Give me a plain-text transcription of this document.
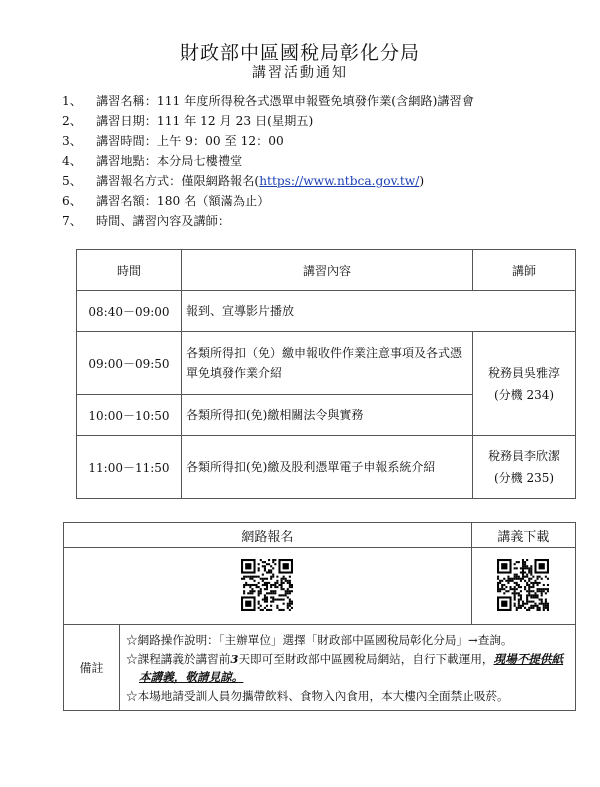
財政部中區國稅局彰化分局
講習活動通知
1、 講習名稱：111 年度所得稅各式憑單申報暨免填發作業(含網路)講習會
2、 講習日期：111 年 12 月 23 日(星期五)
3、 講習時間：上午 9：00 至 12：00
4、 講習地點：本分局七樓禮堂
5、 講習報名方式：僅限網路報名(https://www.ntbca.gov.tw/)
6、 講習名額：180 名（額滿為止）
7、 時間、講習內容及講師：
時間	講習內容	講師
08:40－09:00	報到、宣導影片播放	
09:00－09:50	各類所得扣（免）繳申報收件作業注意事項及各式憑單免填發作業介紹	稅務員吳雅淳
(分機 234)

10:00－10:50	各類所得扣(免)繳相關法令與實務	
11:00－11:50	各類所得扣(免)繳及股利憑單電子申報系統介紹	稅務員李欣潔
(分機 235)
網路報名		講義下載

備註	☆網路操作說明：「主辦單位」選擇「財政部中區國稅局彰化分局」→查詢。
☆課程講義於講習前3天即可至財政部中區國稅局網站，自行下載運用，現場不提供紙本講義，敬請見諒。
☆本場地請受訓人員勿攜帶飲料、食物入內食用，本大樓內全面禁止吸菸。	
